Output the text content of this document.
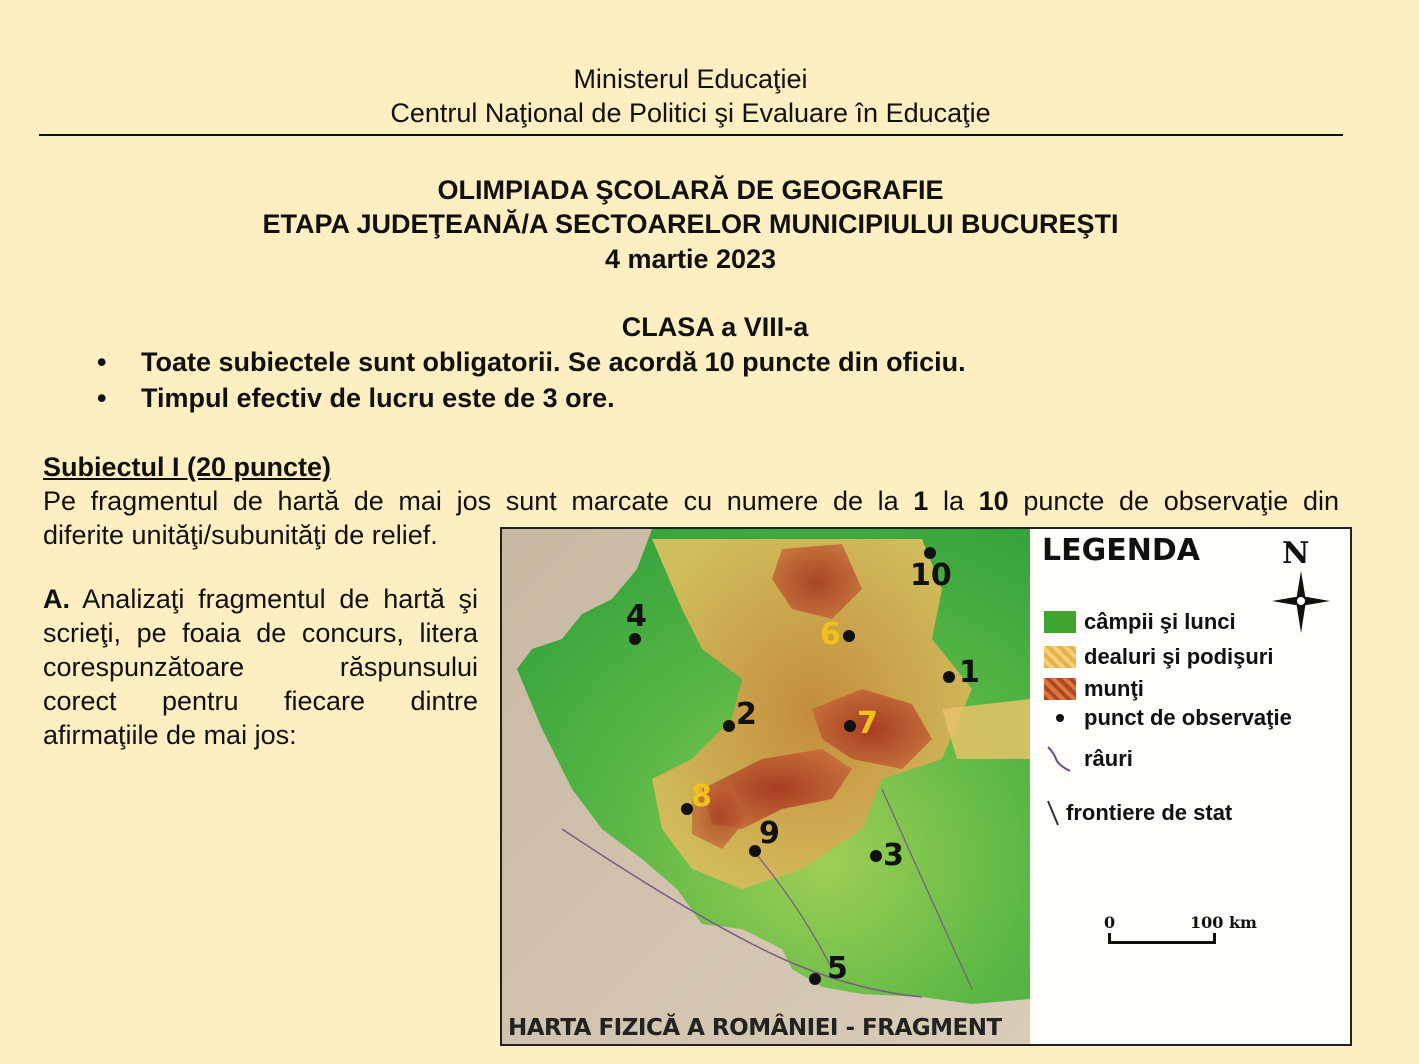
Ministerul Educaţiei
Centrul Naţional de Politici şi Evaluare în Educaţie
OLIMPIADA ŞCOLARĂ DE GEOGRAFIE
ETAPA JUDEŢEANĂ/A SECTOARELOR MUNICIPIULUI BUCUREŞTI
4 martie 2023
CLASA a VIII-a
• Toate subiectele sunt obligatorii. Se acordă 10 puncte din oficiu.
• Timpul efectiv de lucru este de 3 ore.
Subiectul I (20 puncte)
Pe fragmentul de hartă de mai jos sunt marcate cu numere de la 1 la 10 puncte de observaţie din
diferite unităţi/subunităţi de relief.
A. Analizaţi fragmentul de hartă şi
scrieţi, pe foaia de concurs, litera
corespunzătoare răspunsului
corect pentru fiecare dintre
afirmaţiile de mai jos:
1
2
3
4
5
6
7
8
9
10
HARTA FIZICĂ A ROMÂNIEI - FRAGMENT
LEGENDA	N
câmpii şi lunci
dealuri şi podişuri
munţi
punct de observaţie
râuri
frontiere de stat
0	100 km
